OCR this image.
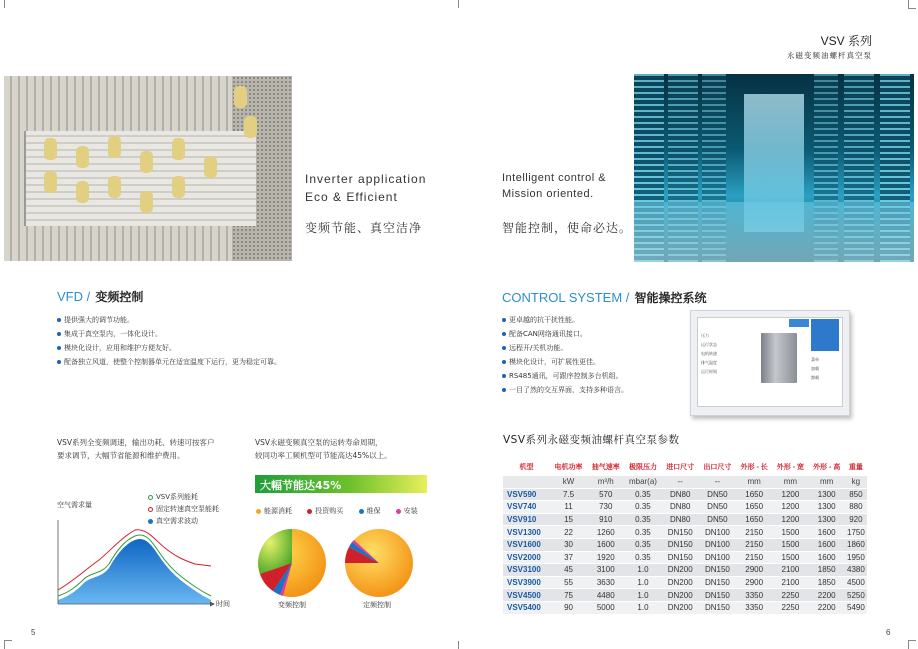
VSV 系列
永磁变频油螺杆真空泵
Inverter application
Eco & Efficient
变频节能、真空洁净
Intelligent control &
Mission oriented.
智能控制，使命必达。
VFD / 变频控制
提供强大的调节功能。
集成于真空泵内，一体化设计。
模块化设计，应用和维护方便友好。
配备独立风道，使整个控制器单元在适宜温度下运行，更为稳定可靠。
CONTROL SYSTEM / 智能操控系统
更卓越的抗干扰性能。
配备CAN网络通讯接口。
远程开/关机功能。
模块化设计，可扩展性更佳。
RS485通讯，可跟序控制多台机组。
一目了然的交互界面，支持多种语言。
压力
运行状态
电机转速
排气温度
运行时间
菜单
加载
卸载
VSV系列全变频调速，输出功耗、转速可按客户
要求调节，大幅节省能源和维护费用。
VSV永磁变频真空泵的运转寿命周期，
较同功率工频机型可节能高达45%以上。
空气需求量
VSV系列能耗
固定转速真空泵能耗
真空需求波动
时间
大幅节能达45%
能源消耗	投资购买	维保	安装
变频控制	定频控制
VSV系列永磁变频油螺杆真空泵参数
机型	电机功率	抽气速率	极限压力	进口尺寸	出口尺寸	外形 - 长	外形 - 宽	外形 - 高	重量
	kW	m³/h	mbar(a)	--	--	mm	mm	mm	kg
VSV590	7.5	570	0.35	DN80	DN50	1650	1200	1300	850
VSV740	11	730	0.35	DN80	DN50	1650	1200	1300	880
VSV910	15	910	0.35	DN80	DN50	1650	1200	1300	920
VSV1300	22	1260	0.35	DN150	DN100	2150	1500	1600	1750
VSV1600	30	1600	0.35	DN150	DN100	2150	1500	1600	1860
VSV2000	37	1920	0.35	DN150	DN100	2150	1500	1600	1950
VSV3100	45	3100	1.0	DN200	DN150	2900	2100	1850	4380
VSV3900	55	3630	1.0	DN200	DN150	2900	2100	1850	4500
VSV4500	75	4480	1.0	DN200	DN150	3350	2250	2200	5250
VSV5400	90	5000	1.0	DN200	DN150	3350	2250	2200	5490
5	6
